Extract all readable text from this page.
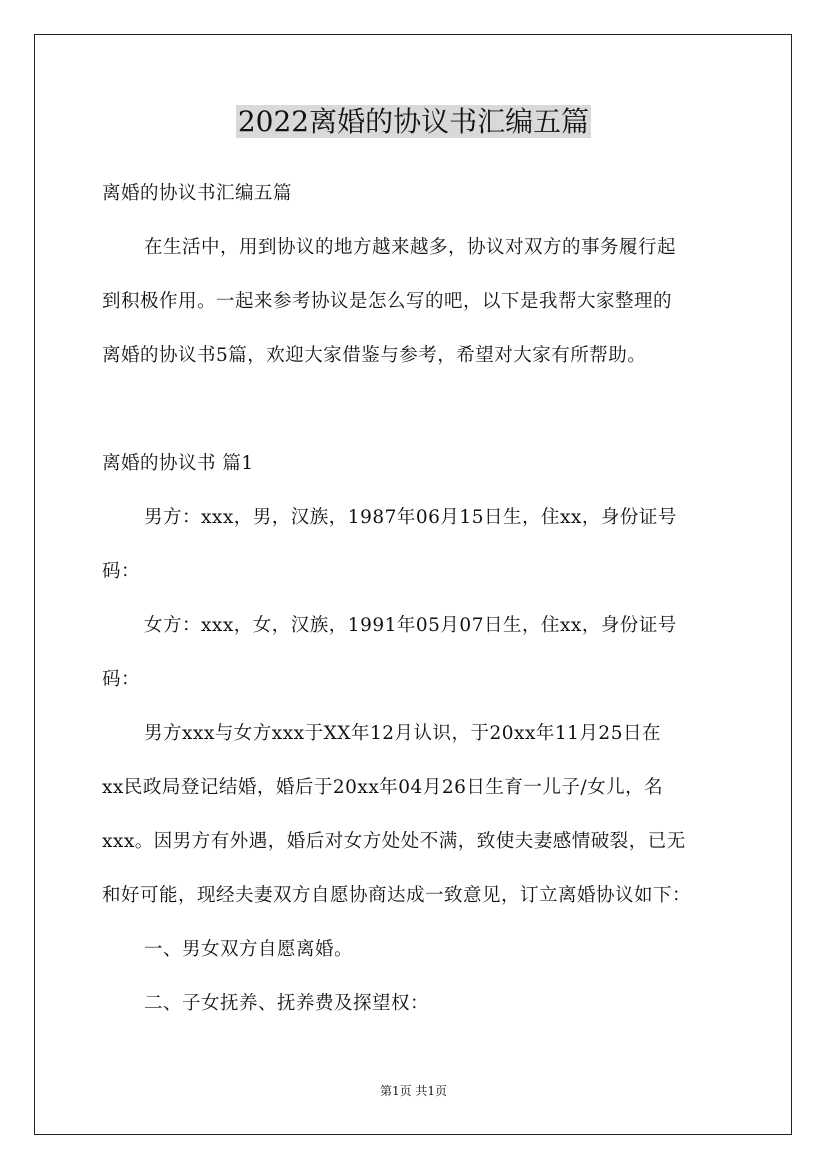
2022离婚的协议书汇编五篇
离婚的协议书汇编五篇
在生活中，用到协议的地方越来越多，协议对双方的事务履行起
到积极作用。一起来参考协议是怎么写的吧，以下是我帮大家整理的
离婚的协议书5篇，欢迎大家借鉴与参考，希望对大家有所帮助。
离婚的协议书 篇1
男方：xxx，男，汉族，1987年06月15日生，住xx，身份证号
码：
女方：xxx，女，汉族，1991年05月07日生，住xx，身份证号
码：
男方xxx与女方xxx于XX年12月认识，于20xx年11月25日在
xx民政局登记结婚，婚后于20xx年04月26日生育一儿子/女儿，名
xxx。因男方有外遇，婚后对女方处处不满，致使夫妻感情破裂，已无
和好可能，现经夫妻双方自愿协商达成一致意见，订立离婚协议如下：
一、男女双方自愿离婚。
二、子女抚养、抚养费及探望权：
第1页 共1页
